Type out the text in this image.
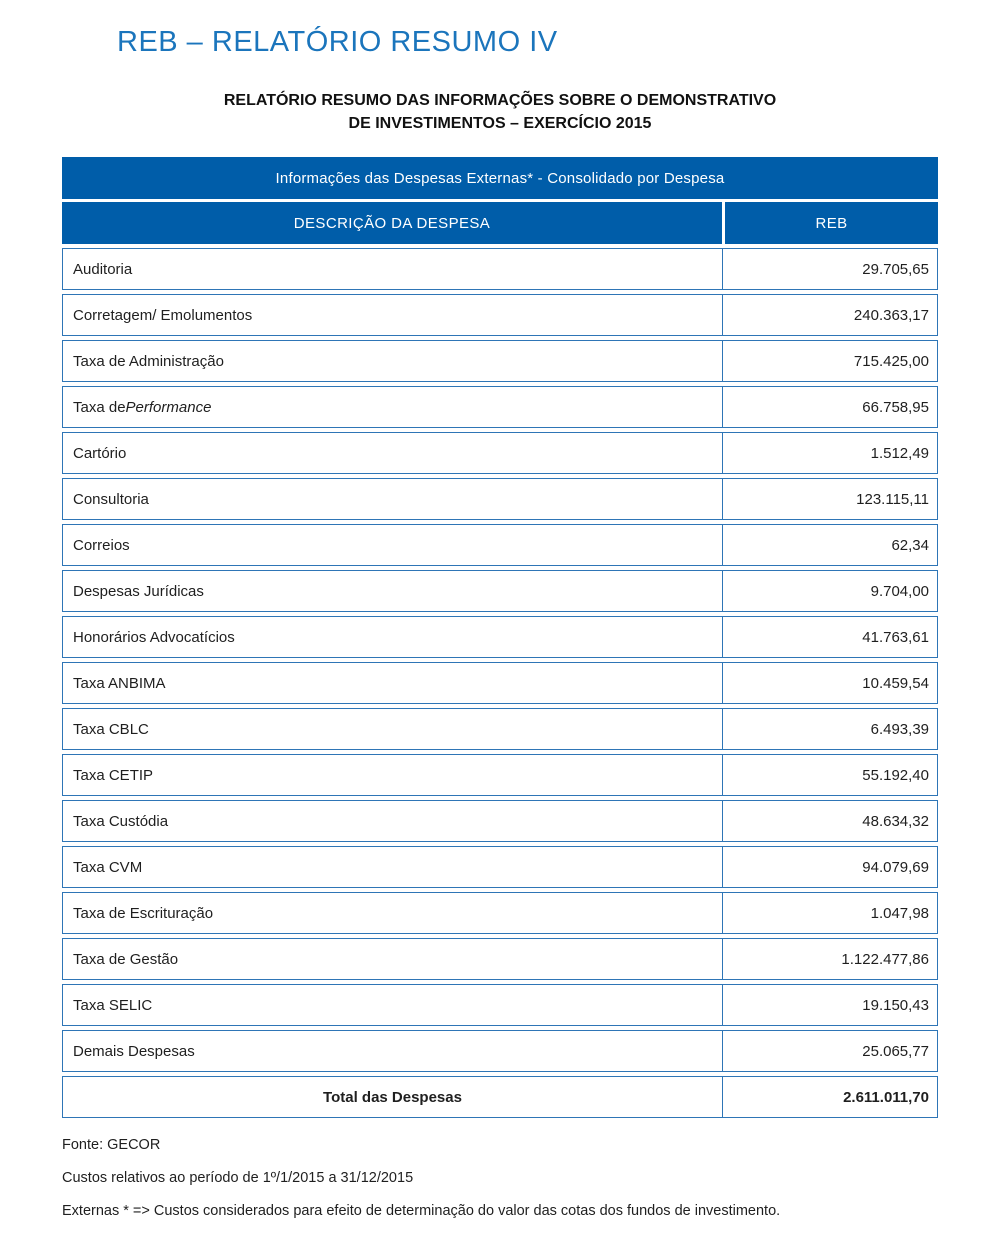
REB – RELATÓRIO RESUMO IV
RELATÓRIO RESUMO DAS INFORMAÇÕES SOBRE O DEMONSTRATIVO
DE INVESTIMENTOS – EXERCÍCIO 2015
Informações das Despesas Externas* - Consolidado por Despesa
DESCRIÇÃO DA DESPESA	REB
Auditoria	29.705,65
Corretagem/ Emolumentos	240.363,17
Taxa de Administração	715.425,00
Taxa de Performance	66.758,95
Cartório	1.512,49
Consultoria	123.115,11
Correios	62,34
Despesas Jurídicas	9.704,00
Honorários Advocatícios	41.763,61
Taxa ANBIMA	10.459,54
Taxa CBLC	6.493,39
Taxa CETIP	55.192,40
Taxa Custódia	48.634,32
Taxa CVM	94.079,69
Taxa de Escrituração	1.047,98
Taxa de Gestão	1.122.477,86
Taxa SELIC	19.150,43
Demais Despesas	25.065,77
Total das Despesas	2.611.011,70
Fonte: GECOR
Custos relativos ao período de 1º/1/2015 a 31/12/2015
Externas * => Custos considerados para efeito de determinação do valor das cotas dos fundos de investimento.
